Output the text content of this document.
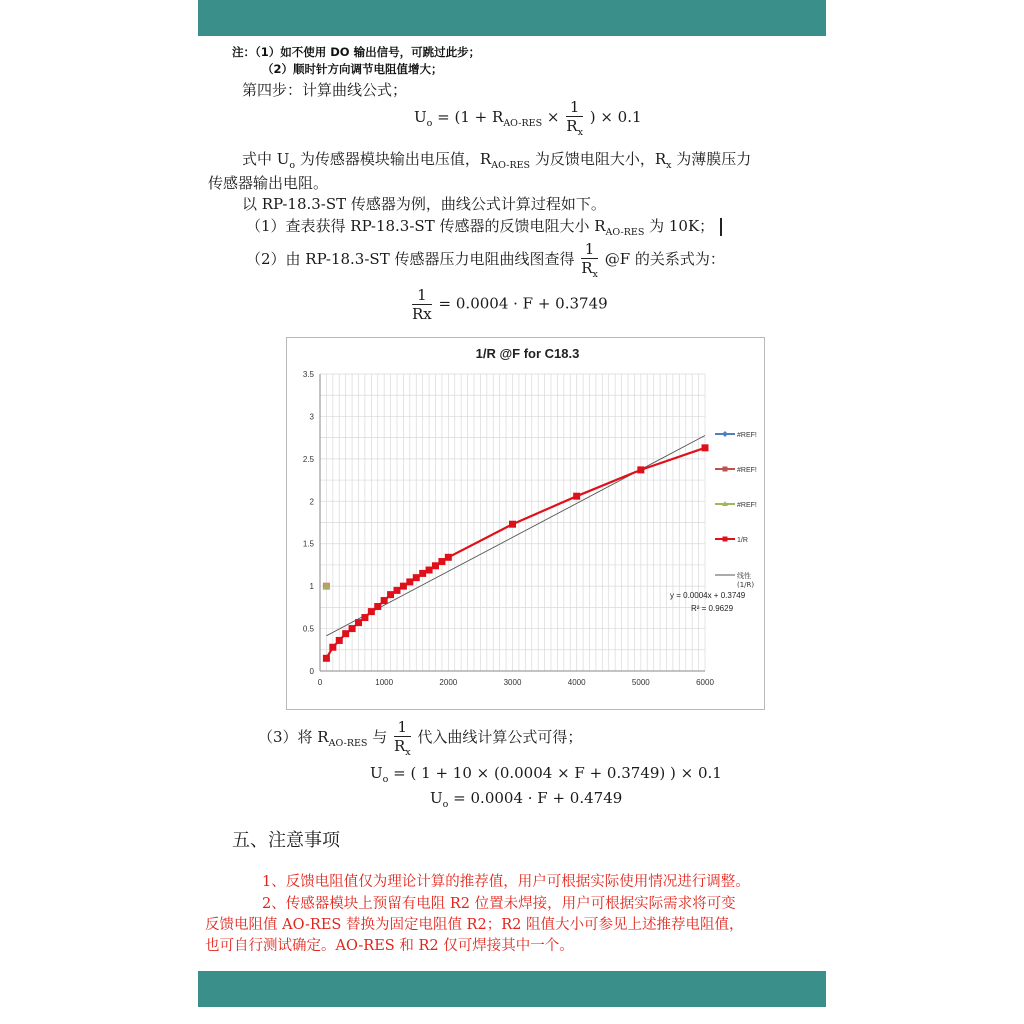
注：（1）如不使用 DO 输出信号，可跳过此步；
（2）顺时针方向调节电阻值增大；
第四步：计算曲线公式；
$U_o = (1 + R_{AO-RES} \times \frac{1}{R_x}$ ) × 0.1
式中 $U_o$ 为传感器模块输出电压值，$R_{AO-RES}$ 为反馈电阻大小，$R_x$ 为薄膜压力
传感器输出电阻。
以 RP-18.3-ST 传感器为例，曲线公式计算过程如下。
（1）查表获得 RP-18.3-ST 传感器的反馈电阻大小 $R_{AO-RES}$ 为 10K；
（2）由 RP-18.3-ST 传感器压力电阻曲线图查得 $\frac{1}{R_x}$ @F 的关系式为：
$\frac{1}{Rx} = 0.0004 \cdot F + 0.3749$
1/R @F for C18.3
0	1000	2000	3000	4000	5000	6000
0
0.5
1
1.5
2
2.5
3
3.5
#REF!
#REF!
#REF!
1/R
线性
(1/R)
y = 0.0004x + 0.3749
R² = 0.9629
（3）将 $R_{AO-RES}$ 与 $\frac{1}{R_x}$ 代入曲线计算公式可得；
$U_o$ = ( 1 + 10 × (0.0004 × F + 0.3749) ) × 0.1
$U_o = 0.0004 \cdot F + 0.4749$
五、注意事项
1、反馈电阻值仅为理论计算的推荐值，用户可根据实际使用情况进行调整。
2、传感器模块上预留有电阻 R2 位置未焊接，用户可根据实际需求将可变
反馈电阻值 AO-RES 替换为固定电阻值 R2；R2 阻值大小可参见上述推荐电阻值，
也可自行测试确定。AO-RES 和 R2 仅可焊接其中一个。
